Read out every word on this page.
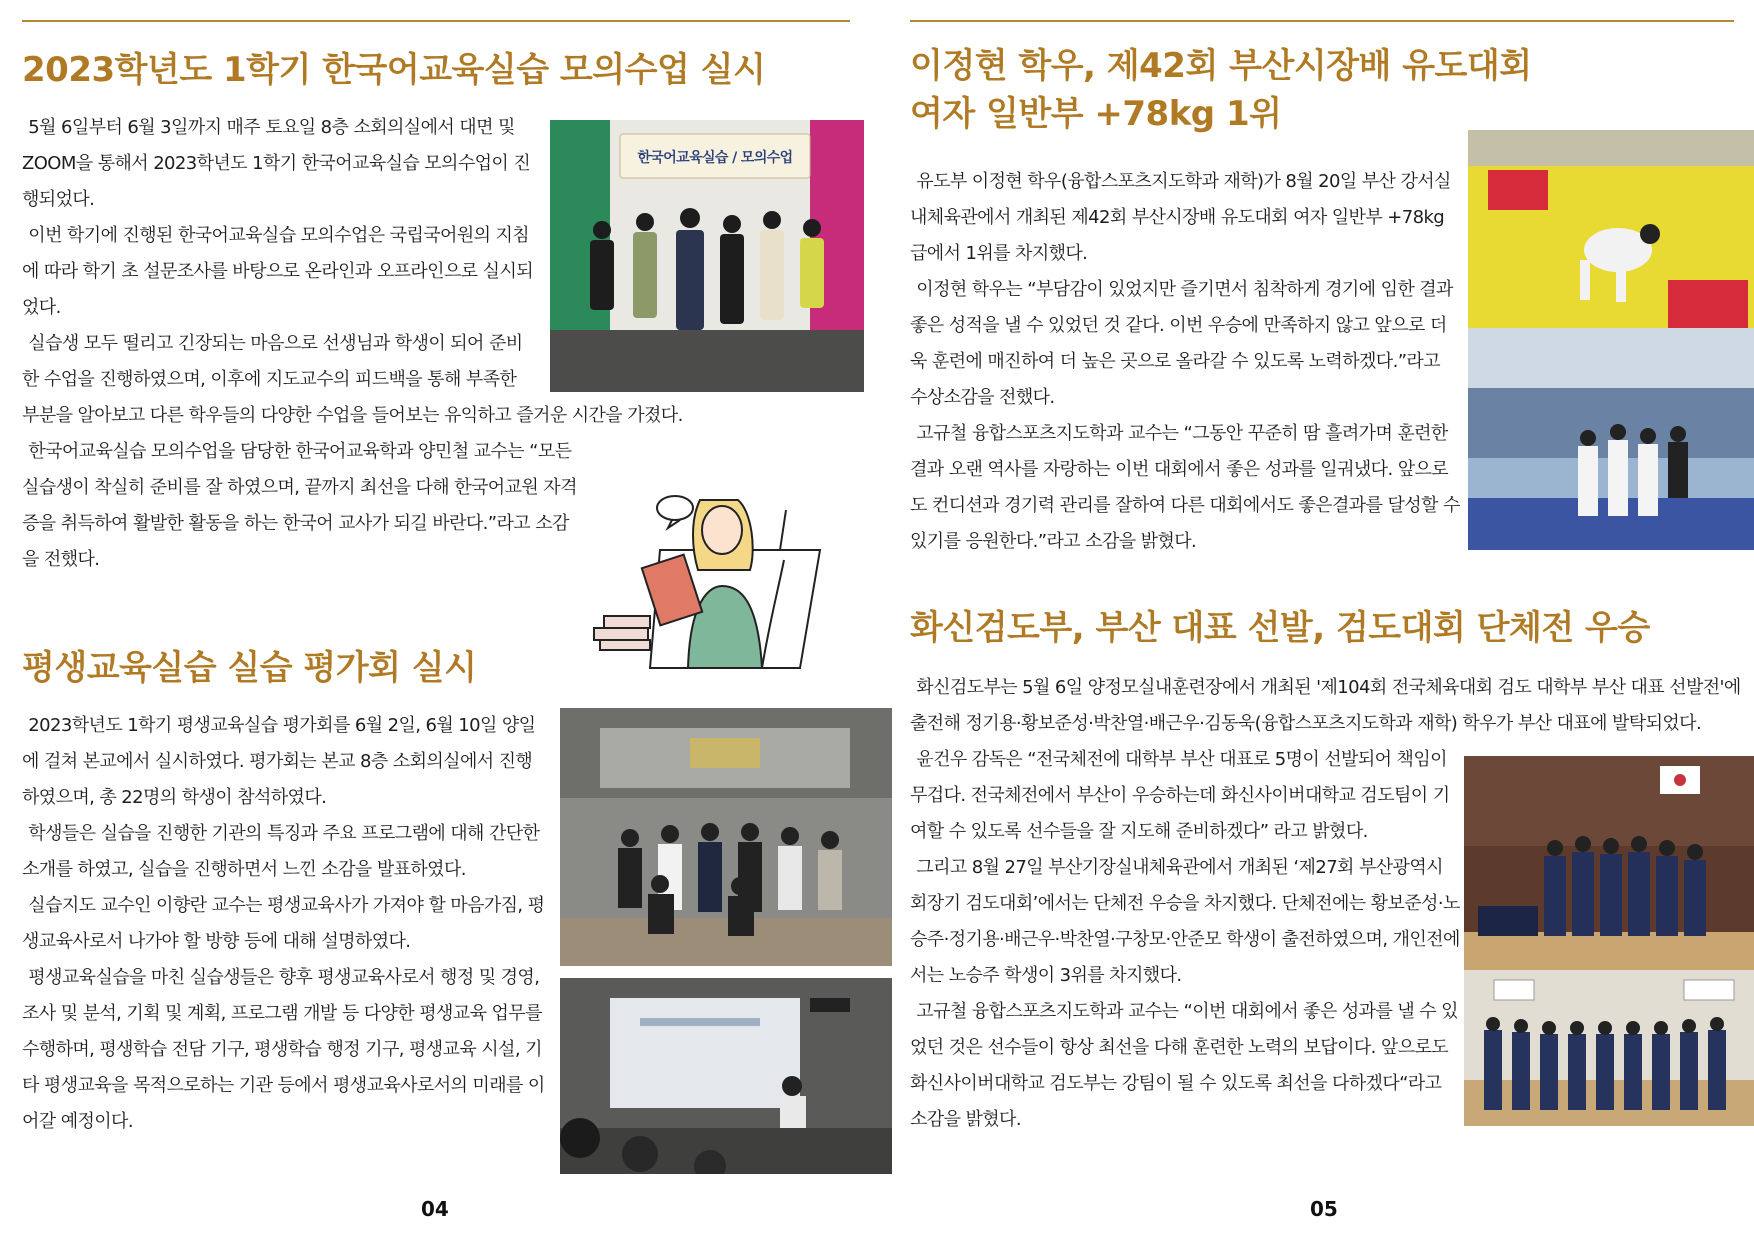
2023학년도 1학기 한국어교육실습 모의수업 실시
한국어교육실습 / 모의수업

5월 6일부터 6월 3일까지 매주 토요일 8층 소회의실에서 대면 및 ZOOM을 통해서 2023학년도 1학기 한국어교육실습 모의수업이 진행되었다.

이번 학기에 진행된 한국어교육실습 모의수업은 국립국어원의 지침에 따라 학기 초 설문조사를 바탕으로 온라인과 오프라인으로 실시되었다.

실습생 모두 떨리고 긴장되는 마음으로 선생님과 학생이 되어 준비한 수업을 진행하였으며, 이후에 지도교수의 피드백을 통해 부족한 부분을 알아보고 다른 학우들의 다양한 수업을 들어보는 유익하고 즐거운 시간을 가졌다.

한국어교육실습 모의수업을 담당한 한국어교육학과 양민철 교수는 “모든 실습생이 착실히 준비를 잘 하였으며, 끝까지 최선을 다해 한국어교원 자격증을 취득하여 활발한 활동을 하는 한국어 교사가 되길 바란다.”라고 소감을 전했다.

평생교육실습 실습 평가회 실시

2023학년도 1학기 평생교육실습 평가회를 6월 2일, 6월 10일 양일에 걸쳐 본교에서 실시하였다. 평가회는 본교 8층 소회의실에서 진행하였으며, 총 22명의 학생이 참석하였다.

학생들은 실습을 진행한 기관의 특징과 주요 프로그램에 대해 간단한 소개를 하였고, 실습을 진행하면서 느낀 소감을 발표하였다.

실습지도 교수인 이향란 교수는 평생교육사가 가져야 할 마음가짐, 평생교육사로서 나가야 할 방향 등에 대해 설명하였다.

평생교육실습을 마친 실습생들은 향후 평생교육사로서 행정 및 경영, 조사 및 분석, 기획 및 계획, 프로그램 개발 등 다양한 평생교육 업무를 수행하며, 평생학습 전담 기구, 평생학습 행정 기구, 평생교육 시설, 기타 평생교육을 목적으로하는 기관 등에서 평생교육사로서의 미래를 이어갈 예정이다.

04
이정현 학우, 제42회 부산시장배 유도대회
여자 일반부 +78kg 1위

유도부 이정현 학우(융합스포츠지도학과 재학)가 8월 20일 부산 강서실내체육관에서 개최된 제42회 부산시장배 유도대회 여자 일반부 +78kg급에서 1위를 차지했다.

이정현 학우는 “부담감이 있었지만 즐기면서 침착하게 경기에 임한 결과 좋은 성적을 낼 수 있었던 것 같다. 이번 우승에 만족하지 않고 앞으로 더욱 훈련에 매진하여 더 높은 곳으로 올라갈 수 있도록 노력하겠다.”라고 수상소감을 전했다.

고규철 융합스포츠지도학과 교수는 “그동안 꾸준히 땀 흘려가며 훈련한 결과 오랜 역사를 자랑하는 이번 대회에서 좋은 성과를 일궈냈다. 앞으로도 컨디션과 경기력 관리를 잘하여 다른 대회에서도 좋은결과를 달성할 수 있기를 응원한다.”라고 소감을 밝혔다.

화신검도부, 부산 대표 선발, 검도대회 단체전 우승

화신검도부는 5월 6일 양정모실내훈련장에서 개최된 '제104회 전국체육대회 검도 대학부 부산 대표 선발전'에 출전해 정기용·황보준성·박찬열·배근우·김동욱(융합스포츠지도학과 재학) 학우가 부산 대표에 발탁되었다.

윤건우 감독은 “전국체전에 대학부 부산 대표로 5명이 선발되어 책임이 무겁다. 전국체전에서 부산이 우승하는데 화신사이버대학교 검도팀이 기여할 수 있도록 선수들을 잘 지도해 준비하겠다” 라고 밝혔다.

그리고 8월 27일 부산기장실내체육관에서 개최된 ‘제27회 부산광역시 회장기 검도대회’에서는 단체전 우승을 차지했다. 단체전에는 황보준성·노승주·정기용·배근우·박찬열·구창모·안준모 학생이 출전하였으며, 개인전에서는 노승주 학생이 3위를 차지했다.

고규철 융합스포츠지도학과 교수는 “이번 대회에서 좋은 성과를 낼 수 있었던 것은 선수들이 항상 최선을 다해 훈련한 노력의 보답이다. 앞으로도 화신사이버대학교 검도부는 강팀이 될 수 있도록 최선을 다하겠다“라고 소감을 밝혔다.

05
